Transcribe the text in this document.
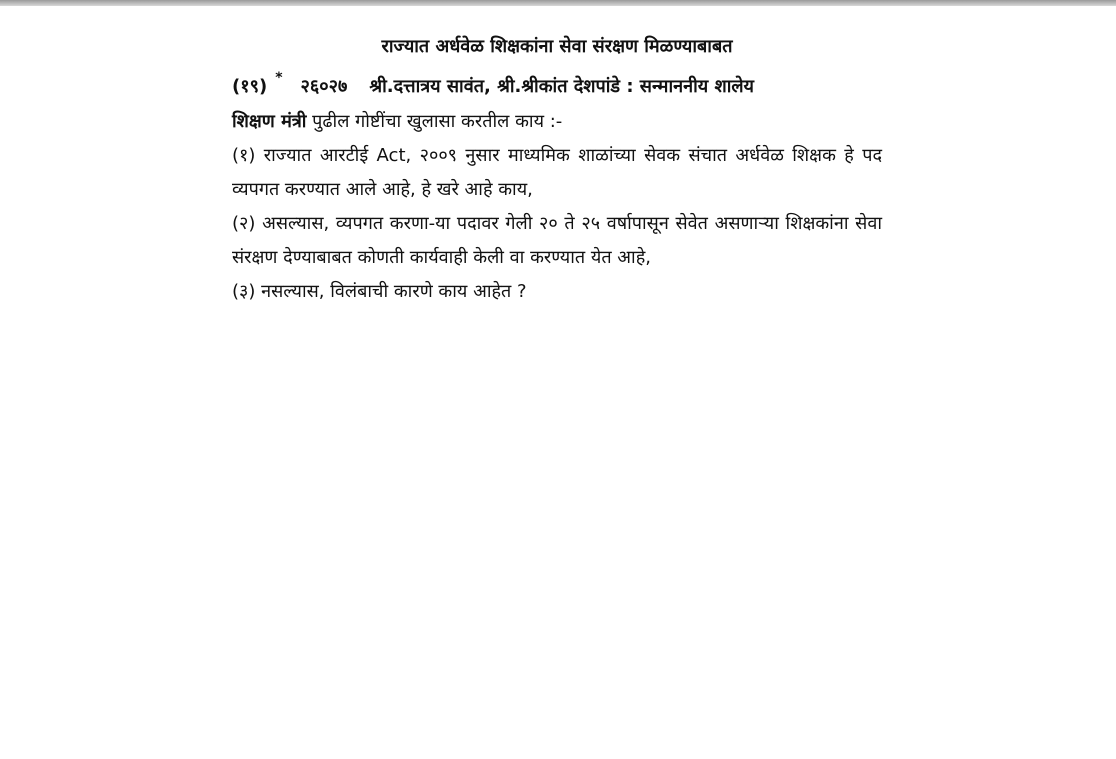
राज्यात अर्धवेळ शिक्षकांना सेवा संरक्षण मिळण्याबाबत

(१९) * २६०२७ श्री.दत्तात्रय सावंत, श्री.श्रीकांत देशपांडे : सन्माननीय शालेय
शिक्षण मंत्री पुढील गोष्टींचा खुलासा करतील काय :-

(१) राज्यात आरटीई Act, २००९ नुसार माध्यमिक शाळांच्या सेवक संचात अर्धवेळ शिक्षक हे पद व्यपगत करण्यात आले आहे, हे खरे आहे काय,

(२) असल्यास, व्यपगत करणा-या पदावर गेली २० ते २५ वर्षापासून सेवेत असणाऱ्या शिक्षकांना सेवा संरक्षण देण्याबाबत कोणती कार्यवाही केली वा करण्यात येत आहे,

(३) नसल्यास, विलंबाची कारणे काय आहेत ?
